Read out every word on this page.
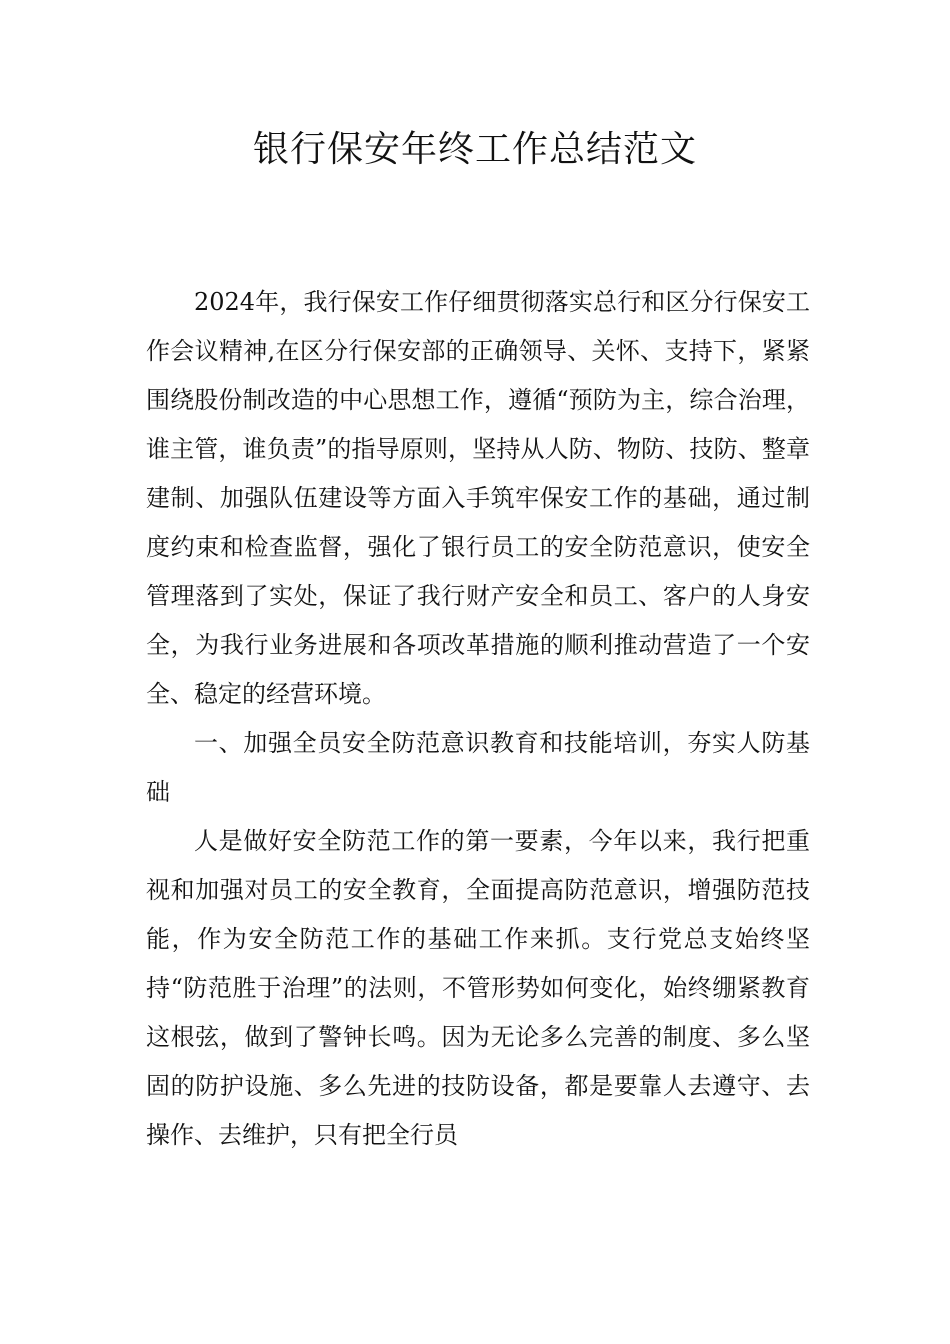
银行保安年终工作总结范文

2024年，我行保安工作仔细贯彻落实总行和区分行保安工作会议精神,在区分行保安部的正确领导、关怀、支持下，紧紧围绕股份制改造的中心思想工作，遵循“预防为主，综合治理，谁主管，谁负责”的指导原则，坚持从人防、物防、技防、整章建制、加强队伍建设等方面入手筑牢保安工作的基础，通过制度约束和检查监督，强化了银行员工的安全防范意识，使安全管理落到了实处，保证了我行财产安全和员工、客户的人身安全，为我行业务进展和各项改革措施的顺利推动营造了一个安全、稳定的经营环境。

一、加强全员安全防范意识教育和技能培训，夯实人防基础

人是做好安全防范工作的第一要素，今年以来，我行把重视和加强对员工的安全教育，全面提高防范意识，增强防范技能，作为安全防范工作的基础工作来抓。支行党总支始终坚持“防范胜于治理”的法则，不管形势如何变化，始终绷紧教育这根弦，做到了警钟长鸣。因为无论多么完善的制度、多么坚固的防护设施、多么先进的技防设备，都是要靠人去遵守、去操作、去维护，只有把全行员
